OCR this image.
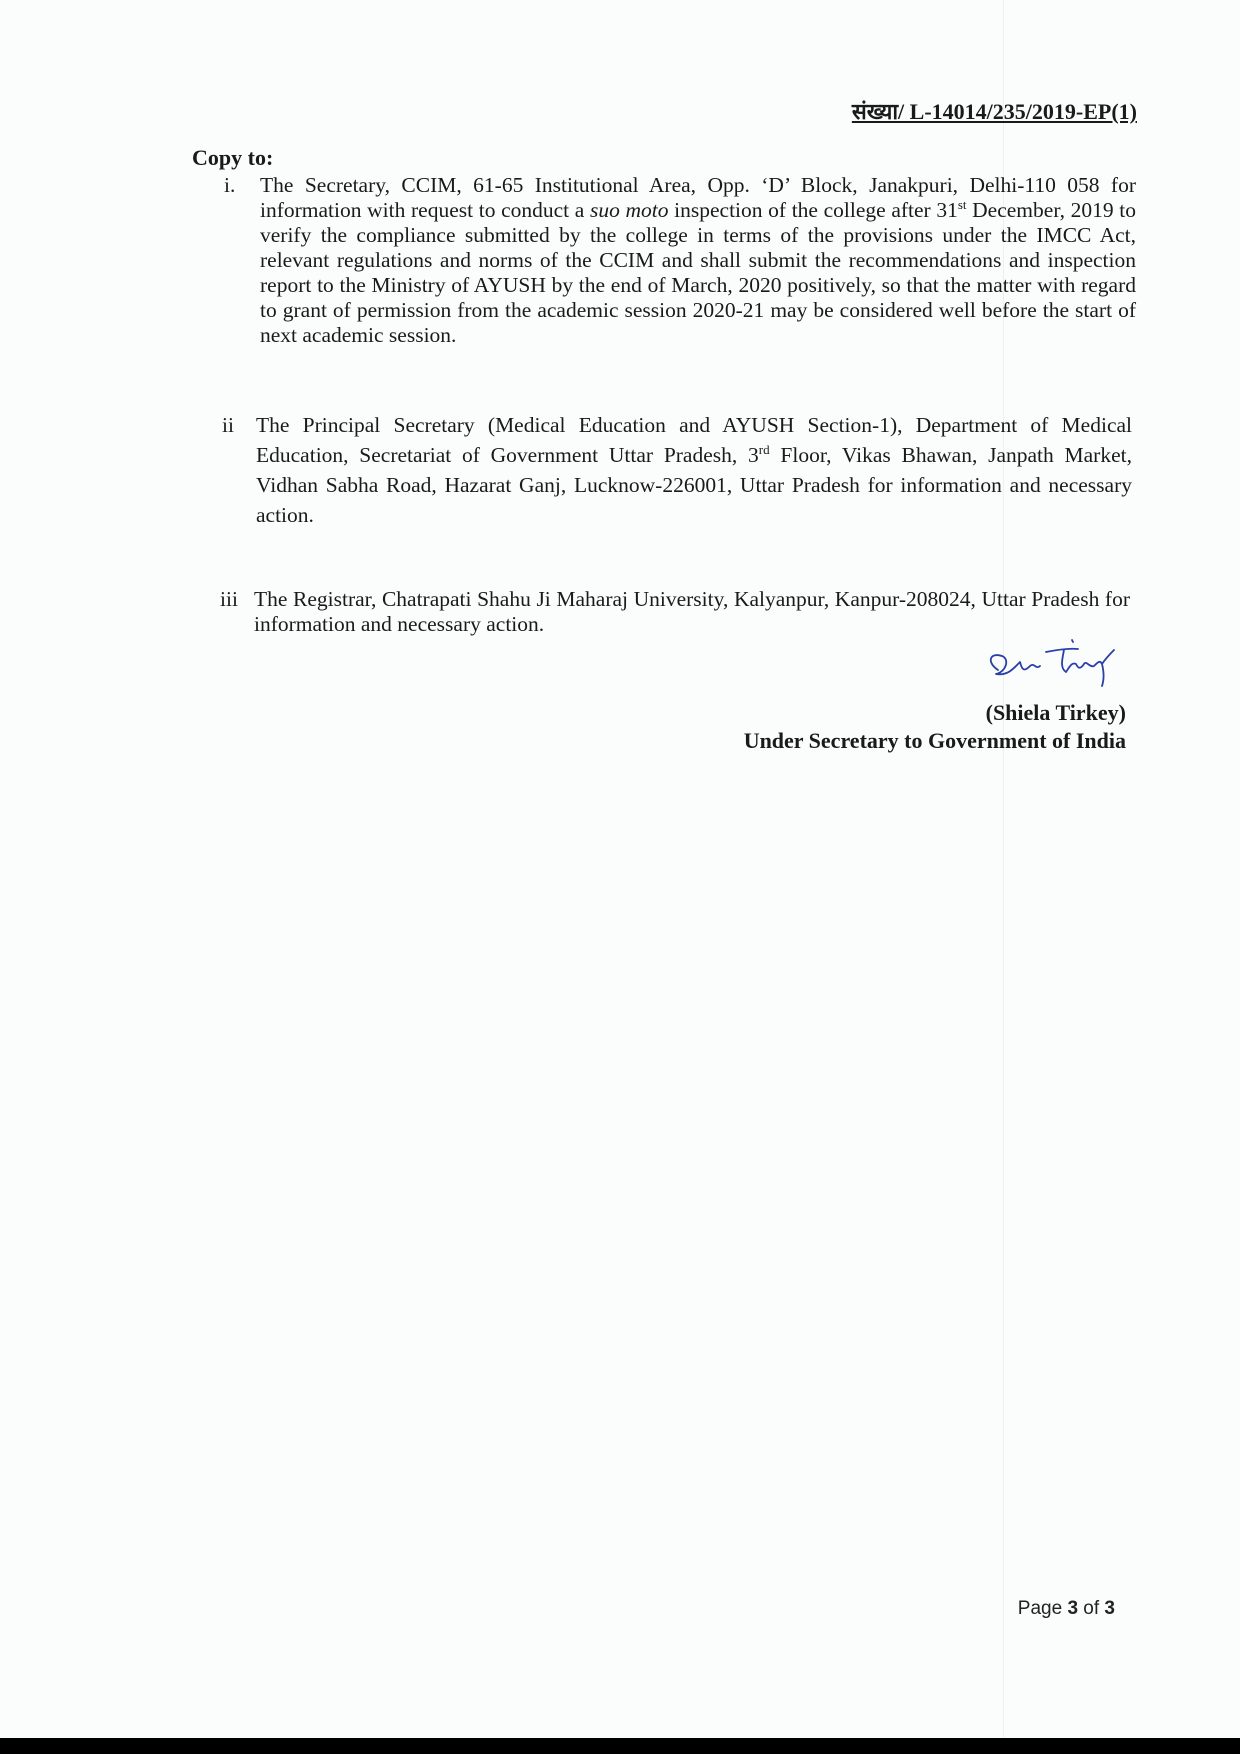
संख्या/ L-14014/235/2019-EP(1)
Copy to:
i. The Secretary, CCIM, 61-65 Institutional Area, Opp. ‘D’ Block, Janakpuri, Delhi-110 058 for information with request to conduct a suo moto inspection of the college after 31st December, 2019 to verify the compliance submitted by the college in terms of the provisions under the IMCC Act, relevant regulations and norms of the CCIM and shall submit the recommendations and inspection report to the Ministry of AYUSH by the end of March, 2020 positively, so that the matter with regard to grant of permission from the academic session 2020-21 may be considered well before the start of next academic session.
ii The Principal Secretary (Medical Education and AYUSH Section-1), Department of Medical Education, Secretariat of Government Uttar Pradesh, 3rd Floor, Vikas Bhawan, Janpath Market, Vidhan Sabha Road, Hazarat Ganj, Lucknow-226001, Uttar Pradesh for information and necessary action.
iii The Registrar, Chatrapati Shahu Ji Maharaj University, Kalyanpur, Kanpur-208024, Uttar Pradesh for information and necessary action.
(Shiela Tirkey)
Under Secretary to Government of India
Page 3 of 3
